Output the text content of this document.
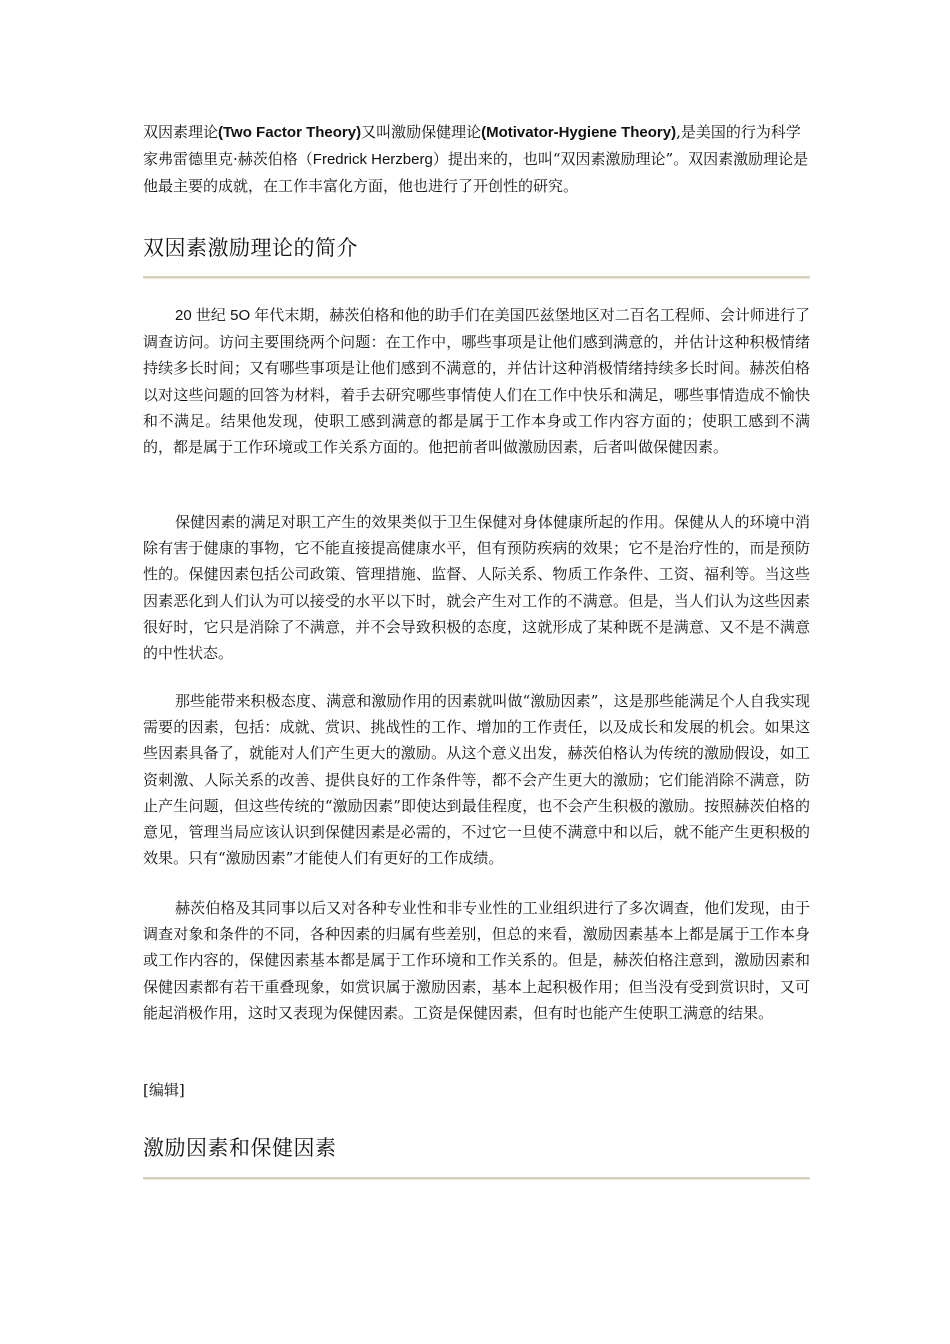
双因素理论(Two Factor Theory)又叫激励保健理论(Motivator-Hygiene Theory),是美国的行为科学家弗雷德里克·赫茨伯格（Fredrick Herzberg）提出来的，也叫“双因素激励理论”。双因素激励理论是他最主要的成就，在工作丰富化方面，他也进行了开创性的研究。

双因素激励理论的简介

20 世纪 5O 年代末期，赫茨伯格和他的助手们在美国匹兹堡地区对二百名工程师、会计师进行了调查访问。访问主要围绕两个问题：在工作中，哪些事项是让他们感到满意的，并估计这种积极情绪持续多长时间；又有哪些事项是让他们感到不满意的，并估计这种消极情绪持续多长时间。赫茨伯格以对这些问题的回答为材料，着手去研究哪些事情使人们在工作中快乐和满足，哪些事情造成不愉快和不满足。结果他发现，使职工感到满意的都是属于工作本身或工作内容方面的；使职工感到不满的，都是属于工作环境或工作关系方面的。他把前者叫做激励因素，后者叫做保健因素。

保健因素的满足对职工产生的效果类似于卫生保健对身体健康所起的作用。保健从人的环境中消除有害于健康的事物，它不能直接提高健康水平，但有预防疾病的效果；它不是治疗性的，而是预防性的。保健因素包括公司政策、管理措施、监督、人际关系、物质工作条件、工资、福利等。当这些因素恶化到人们认为可以接受的水平以下时，就会产生对工作的不满意。但是，当人们认为这些因素很好时，它只是消除了不满意，并不会导致积极的态度，这就形成了某种既不是满意、又不是不满意的中性状态。

那些能带来积极态度、满意和激励作用的因素就叫做“激励因素”，这是那些能满足个人自我实现需要的因素，包括：成就、赏识、挑战性的工作、增加的工作责任，以及成长和发展的机会。如果这些因素具备了，就能对人们产生更大的激励。从这个意义出发，赫茨伯格认为传统的激励假设，如工资刺激、人际关系的改善、提供良好的工作条件等，都不会产生更大的激励；它们能消除不满意，防止产生问题，但这些传统的“激励因素”即使达到最佳程度，也不会产生积极的激励。按照赫茨伯格的意见，管理当局应该认识到保健因素是必需的，不过它一旦使不满意中和以后，就不能产生更积极的效果。只有“激励因素”才能使人们有更好的工作成绩。

赫茨伯格及其同事以后又对各种专业性和非专业性的工业组织进行了多次调查，他们发现，由于调查对象和条件的不同，各种因素的归属有些差别，但总的来看，激励因素基本上都是属于工作本身或工作内容的，保健因素基本都是属于工作环境和工作关系的。但是，赫茨伯格注意到，激励因素和保健因素都有若干重叠现象，如赏识属于激励因素，基本上起积极作用；但当没有受到赏识时，又可能起消极作用，这时又表现为保健因素。工资是保健因素，但有时也能产生使职工满意的结果。

[编辑]

激励因素和保健因素
